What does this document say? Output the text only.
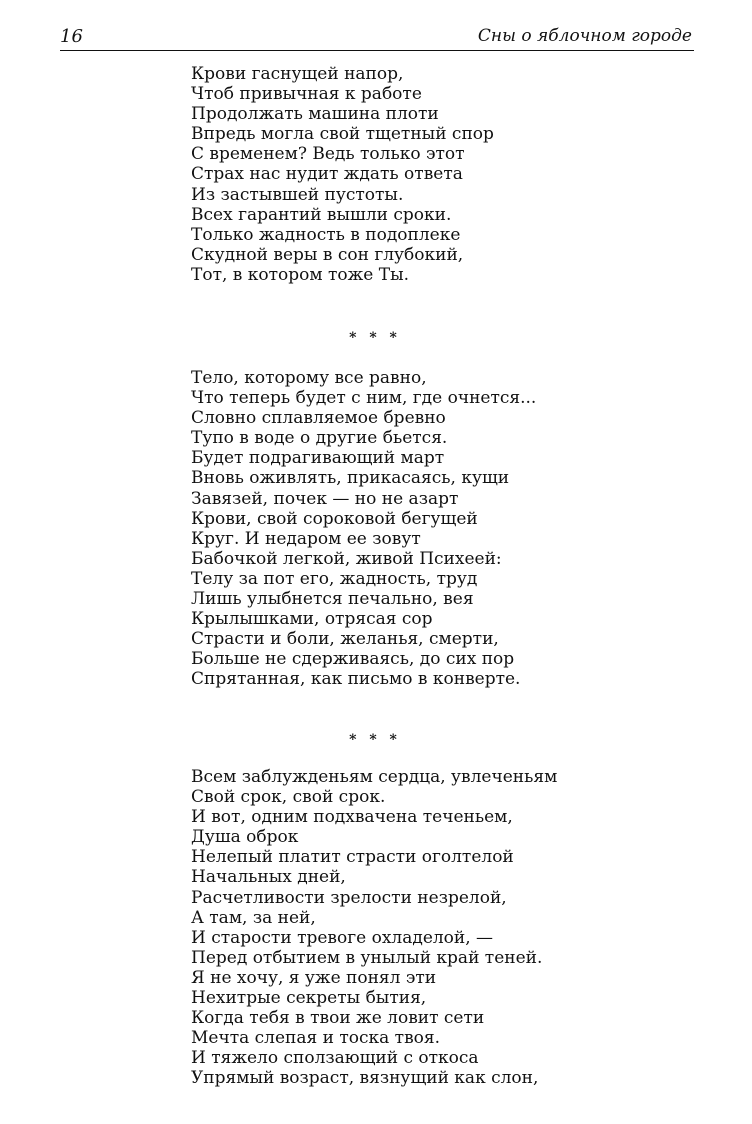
16	Сны о яблочном городе
Крови гаснущей напор,
Чтоб привычная к работе
Продолжать машина плоти
Впредь могла свой тщетный спор
С временем? Ведь только этот
Страх нас нудит ждать ответа
Из застывшей пустоты.
Всех гарантий вышли сроки.
Только жадность в подоплеке
Скудной веры в сон глубокий,
Тот, в котором тоже Ты.
* * *
Тело, которому все равно,
Что теперь будет с ним, где очнется...
Словно сплавляемое бревно
Тупо в воде о другие бьется.
Будет подрагивающий март
Вновь оживлять, прикасаясь, кущи
Завязей, почек — но не азарт
Крови, свой сороковой бегущей
Круг. И недаром ее зовут
Бабочкой легкой, живой Психеей:
Телу за пот его, жадность, труд
Лишь улыбнется печально, вея
Крылышками, отрясая сор
Страсти и боли, желанья, смерти,
Больше не сдерживаясь, до сих пор
Спрятанная, как письмо в конверте.
* * *
Всем заблужденьям сердца, увлеченьям
Свой срок, свой срок.
И вот, одним подхвачена теченьем,
Душа оброк
Нелепый платит страсти оголтелой
Начальных дней,
Расчетливости зрелости незрелой,
А там, за ней,
И старости тревоге охладелой, —
Перед отбытием в унылый край теней.
Я не хочу, я уже понял эти
Нехитрые секреты бытия,
Когда тебя в твои же ловит сети
Мечта слепая и тоска твоя.
И тяжело сползающий с откоса
Упрямый возраст, вязнущий как слон,
